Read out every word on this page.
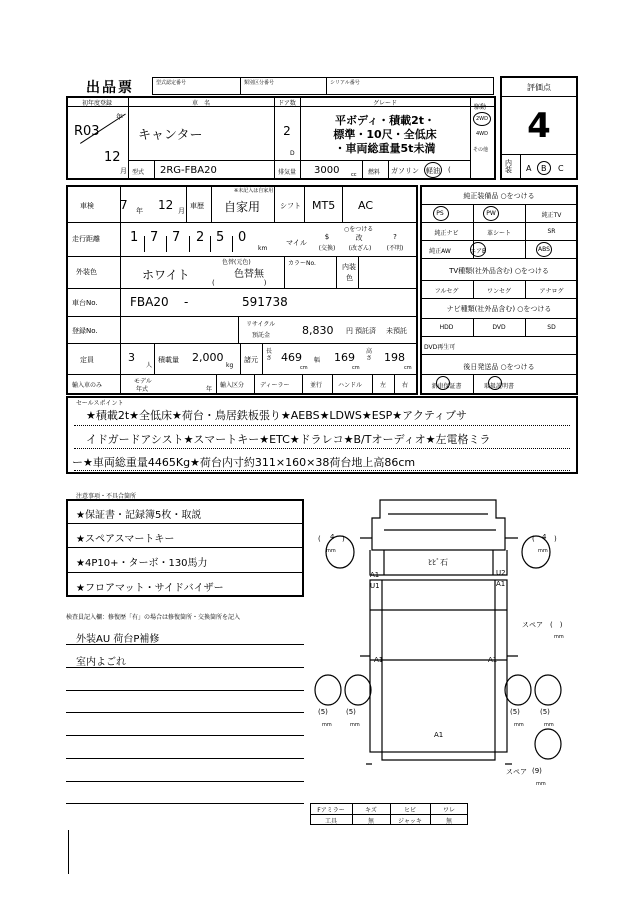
出品票	型式認定番号	類別区分番号	シリアル番号	評価点
4
内装	A B C
初年度登録	車　名	ドア数	グレード
R03
年
12
月
キャンター	2
D
平ボディ・積載2t・
標準・10尺・全低床
・車両総重量5t未満
駆動
2WD
4WD
その他
型式 2RG-FBA20	排気量 3000 cc 燃料 ガソリン 軽油 (
車検 7 年 12 月
車歴
※未記入は自家用
自家用	シフト MT5 AC
走行距離 1 7 7 2 5 0
km
○をつける
マイル
$
(交換)
改
(改ざん)
?
(不明)
外装色	ホワイト
色替(元色)
色替無
(　　　　　　　)
カラーNo.	内装
色
車台No.	FBA20 -	591738
登録No.
リサイクル
預託金	8,830 円 預託済 未預託
定員	3
人
積載量 2,000
kg
諸元
長さ 469
cm
幅 169
cm
高さ 198
cm
輸入車のみ
モデル
年式	年
輸入区分	ディーラー	並行	ハンドル	左	右
純正装備品 ○をつける
PS	PW	純正TV
純正ナビ	革シート	SR
純正AW	エアB	ABS
TV種類(社外品含む) ○をつける
フルセグ	ワンセグ	アナログ
ナビ種類(社外品含む) ○をつける
HDD	DVD	SD
DVD再生可
後日発送品 ○をつける
新車保証書	取扱説明書
セールスポイント
★積載2t★全低床★荷台・鳥居鉄板張り★AEBS★LDWS★ESP★アクティブサ
イドガードアシスト★スマートキー★ETC★ドラレコ★B/Tオーディオ★左電格ミラ
ー★車両総重量4465Kg★荷台内寸約311×160×38荷台地上高86cm
注意事項・不具合箇所
★保証書・記録簿5枚・取説
★スペアスマートキー
★4P10+・ターボ・130馬力
★フロアマット・サイドバイザー
検査員記入欄：修復歴「有」の場合は修復箇所・交換箇所を記入
外装AU 荷台P補修
室内よごれ
( 4 )
mm
( 4 )
mm
ﾋﾋﾞ石
A1
U1
U2
A1
A1	A1
A1
スペア (　)
mm
(5)
mm
(5)
mm
(5)
mm
(5)
mm
スペア (9)
mm
Fアミラー	キズ	ヒビ	ワレ
工具	無	ジャッキ	無
